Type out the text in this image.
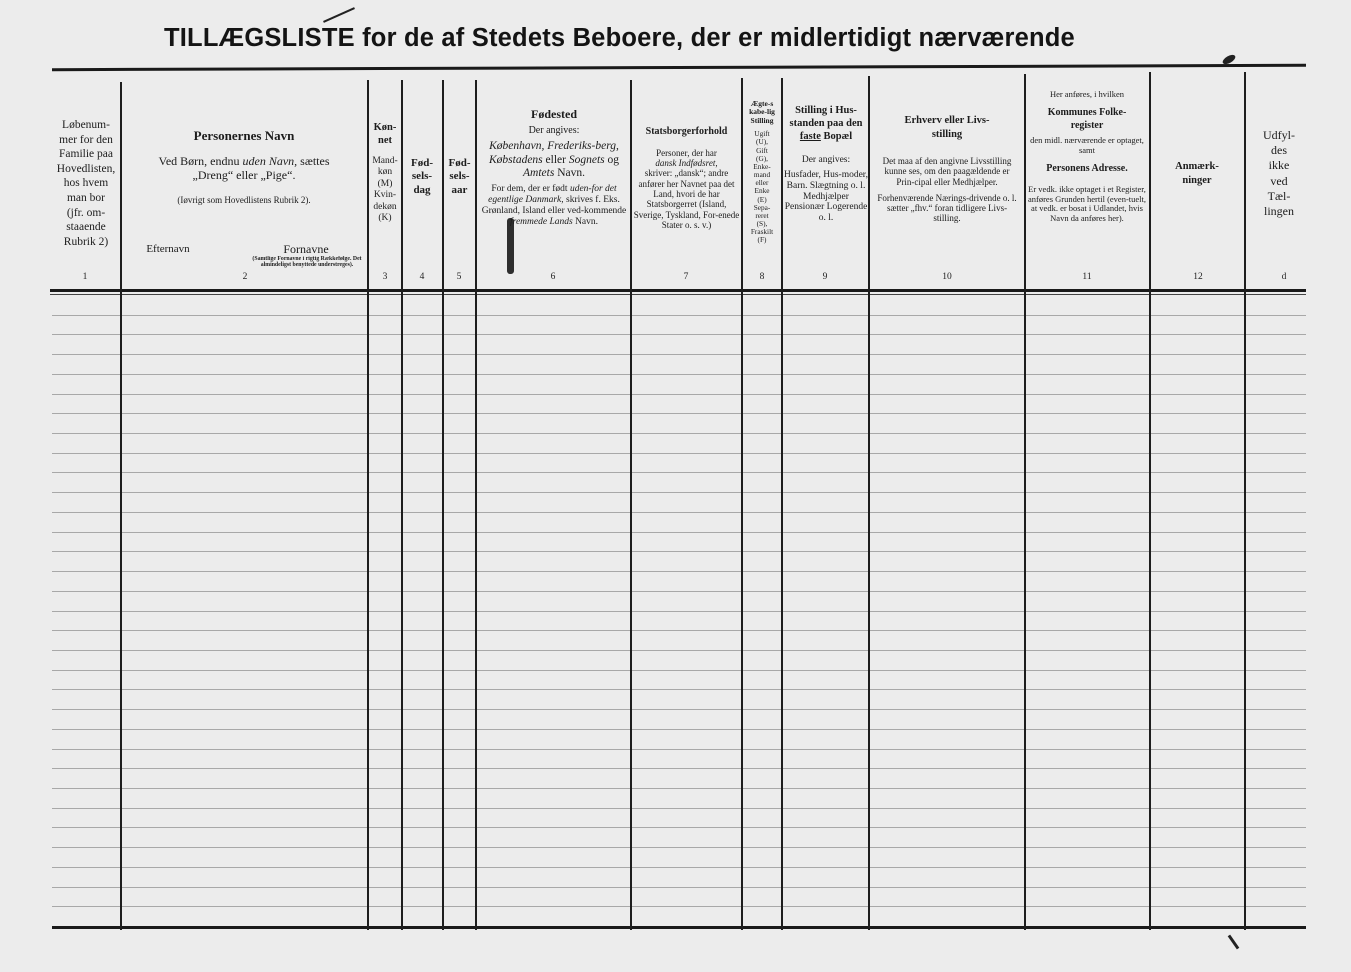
TILLÆGSLISTE for de af Stedets Beboere, der er midlertidigt nærværende
Løbenum-
mer for den
Familie paa
Hovedlisten,
hos hvem
man bor
(jfr. om-
staaende
Rubrik 2)
1
Personernes Navn
Ved Børn, endnu uden Navn, sættes
„Dreng“ eller „Pige“.
(Iøvrigt som Hovedlistens Rubrik 2).
Efternavn	Fornavne
(Samtlige Fornavne i rigtig Rækkefølge. Det almindeligst benyttede understreges).
2
Køn-net
Mand-
køn
(M)
Kvin-
dekøn
(K)
3
Fød-sels-dag
4
Fød-sels-aar
5
Fødested
Der angives:
København, Frederiks-berg, Købstadens eller Sognets og Amtets Navn.
For dem, der er født uden-for det egentlige Danmark, skrives f. Eks. Grønland, Island eller ved-kommende fremmede Lands Navn.
6
Statsborgerforhold
Personer, der har
dansk Indfødsret,
skriver: „dansk“; andre anfører her Navnet paa det Land, hvori de har Statsborgerret (Island, Sverige, Tyskland, For-enede Stater o. s. v.)
7
Ægte-skabe-lig Stilling
Ugift
(U),
Gift
(G),
Enke-
mand
eller
Enke
(E)
Sepa-
reret
(S),
Fraskilt
(F)
8
Stilling i Hus-standen paa den faste Bopæl
Der angives:
Husfader, Hus-moder, Barn. Slægtning o. l. Medhjælper Pensionær Logerende o. l.
9
Erhverv eller Livs-stilling
Det maa af den angivne Livsstilling kunne ses, om den paagældende er Prin-cipal eller Medhjælper.
Forhenværende Nærings-drivende o. l. sætter „fhv.“ foran tidligere Livs-stilling.
10
Her anføres, i hvilken
Kommunes Folke-register
den midl. nærværende er optaget, samt
Personens Adresse.
Er vedk. ikke optaget i et Register, anføres Grunden hertil (even-tuelt, at vedk. er bosat i Udlandet, hvis Navn da anføres her).
11
Anmærk-ninger
12
Udfyl-
des
ikke
ved
Tæl-
lingen
d
